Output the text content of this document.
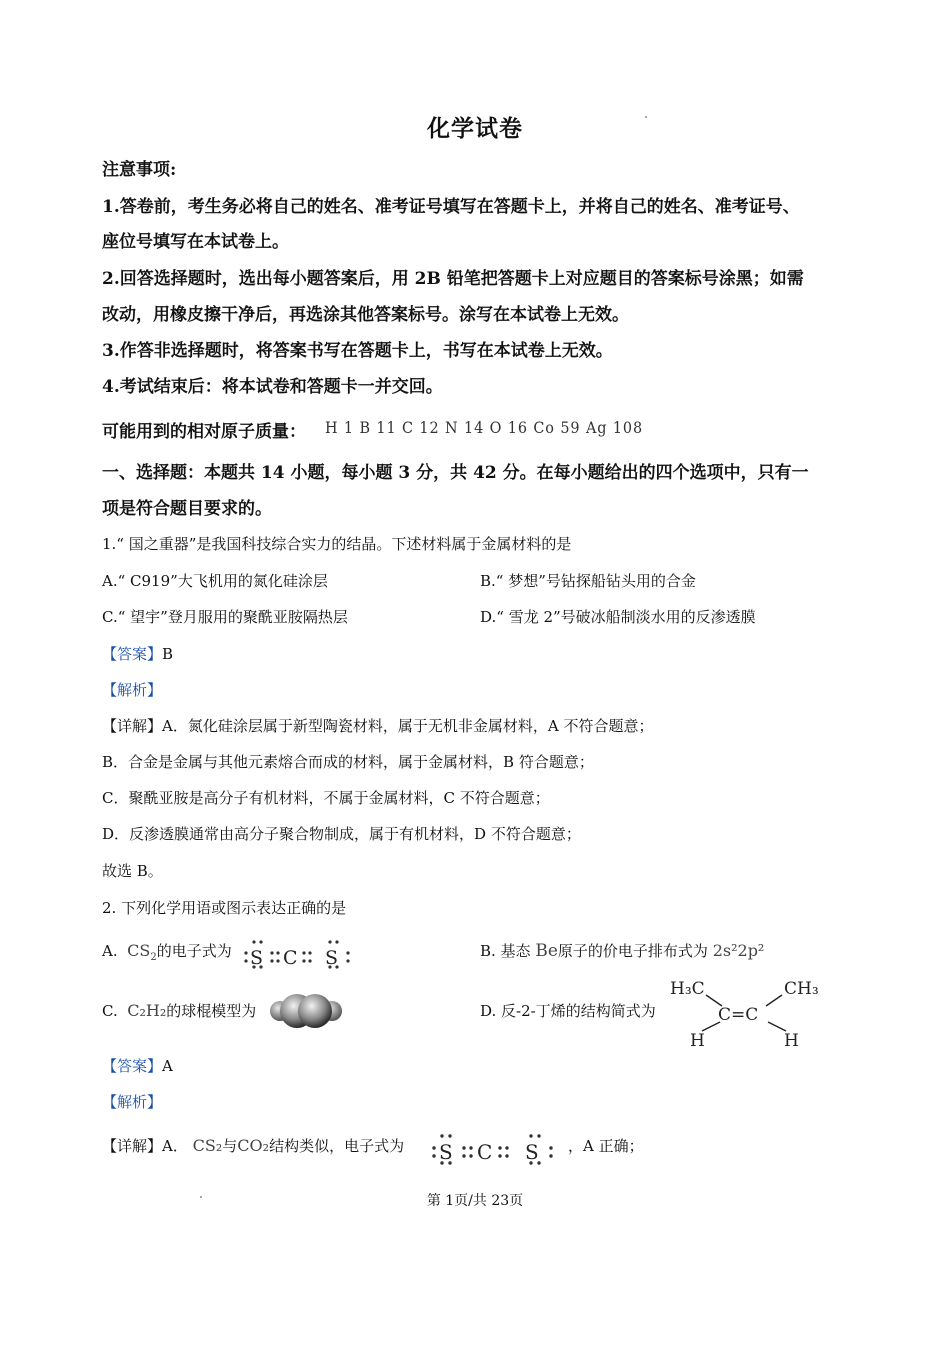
化学试卷
注意事项:
1.答卷前，考生务必将自己的姓名、准考证号填写在答题卡上，并将自己的姓名、准考证号、
座位号填写在本试卷上。
2.回答选择题时，选出每小题答案后，用 2B 铅笔把答题卡上对应题目的答案标号涂黑；如需
改动，用橡皮擦干净后，再选涂其他答案标号。涂写在本试卷上无效。
3.作答非选择题时，将答案书写在答题卡上，书写在本试卷上无效。
4.考试结束后：将本试卷和答题卡一并交回。
可能用到的相对原子质量： H 1 B 11 C 12 N 14 O 16 Co 59 Ag 108
一、选择题：本题共 14 小题，每小题 3 分，共 42 分。在每小题给出的四个选项中，只有一
项是符合题目要求的。
1.“ 国之重器”是我国科技综合实力的结晶。下述材料属于金属材料的是
A.“ C919”大飞机用的氮化硅涂层	B.“ 梦想”号钻探船钻头用的合金
C.“ 望宇”登月服用的聚酰亚胺隔热层	D.“ 雪龙 2”号破冰船制淡水用的反渗透膜
【答案】B
【解析】
【详解】A．氮化硅涂层属于新型陶瓷材料，属于无机非金属材料，A 不符合题意；
B．合金是金属与其他元素熔合而成的材料，属于金属材料，B 符合题意；
C．聚酰亚胺是高分子有机材料，不属于金属材料，C 不符合题意；
D．反渗透膜通常由高分子聚合物制成，属于有机材料，D 不符合题意；
故选 B。
2. 下列化学用语或图示表达正确的是
A. $CS_2$的电子式为 S C S	B. 基态 Be原子的价电子排布式为 2s²2p²
C. C₂H₂的球棍模型为	D. 反-2-丁烯的结构简式为
H₃C	CH₃
C=C
H	H
【答案】A
【解析】
【详解】A． CS₂与CO₂结构类似，电子式为 S C S ，A 正确；
第 1页/共 23页
